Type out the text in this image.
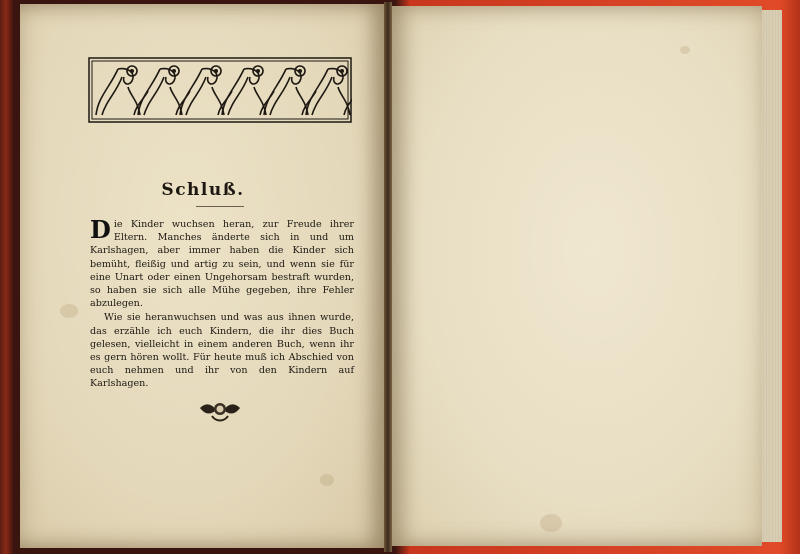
Schluß.

Die Kinder wuchsen heran, zur Freude ihrer Eltern. Manches änderte sich in und um Karlshagen, aber immer haben die Kinder sich bemüht, fleißig und artig zu sein, und wenn sie für eine Unart oder einen Ungehorsam bestraft wurden, so haben sie sich alle Mühe gegeben, ihre Fehler abzulegen.

Wie sie heranwuchsen und was aus ihnen wurde, das erzähle ich euch Kindern, die ihr dies Buch gelesen, vielleicht in einem anderen Buch, wenn ihr es gern hören wollt. Für heute muß ich Abschied von euch nehmen und ihr von den Kindern auf Karlshagen.
